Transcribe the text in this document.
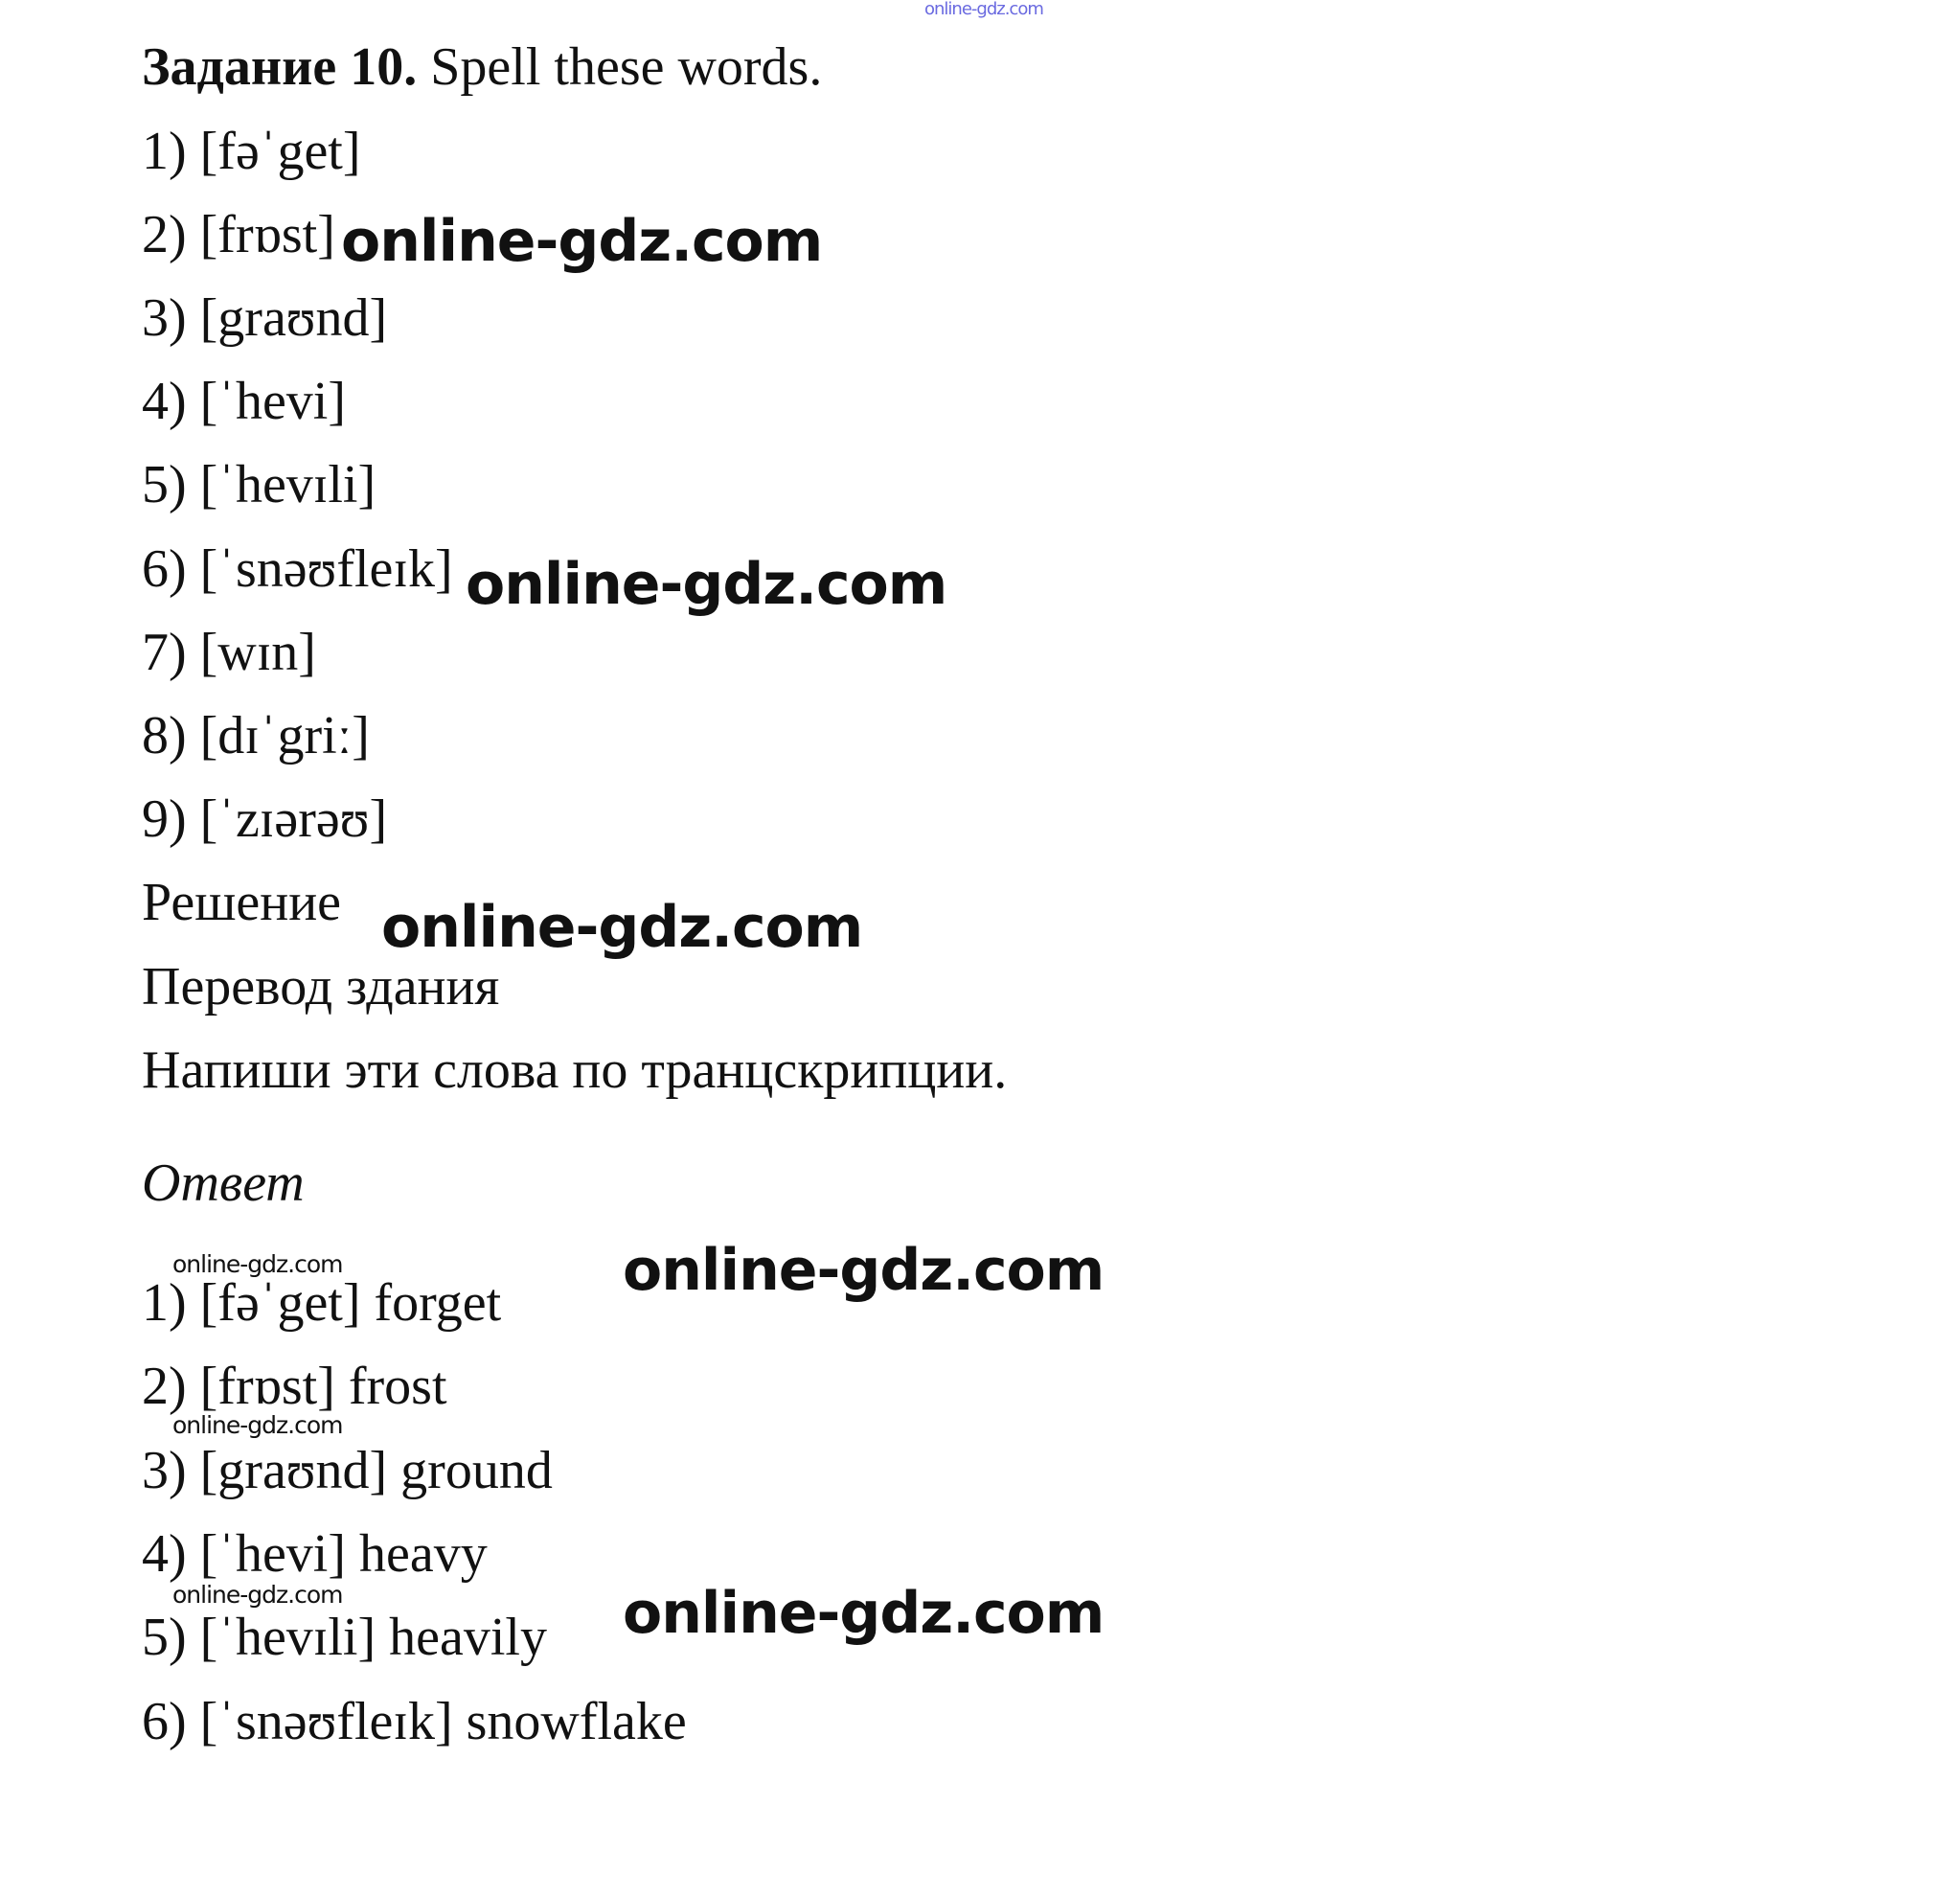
online-gdz.com
Задание 10. Spell these words.
1) [fəˈget]
2) [frɒst]
3) [graʊnd]
4) [ˈhevi]
5) [ˈhevɪli]
6) [ˈsnəʊfleɪk]
7) [wɪn]
8) [dɪˈgriː]
9) [ˈzɪərəʊ]
Решение
Перевод здания
Напиши эти слова по транцскрипции.
Ответ
1) [fəˈget] forget
2) [frɒst] frost
3) [graʊnd] ground
4) [ˈhevi] heavy
5) [ˈhevɪli] heavily
6) [ˈsnəʊfleɪk] snowflake
online-gdz.com
online-gdz.com
online-gdz.com
online-gdz.com
online-gdz.com
online-gdz.com
online-gdz.com
online-gdz.com
